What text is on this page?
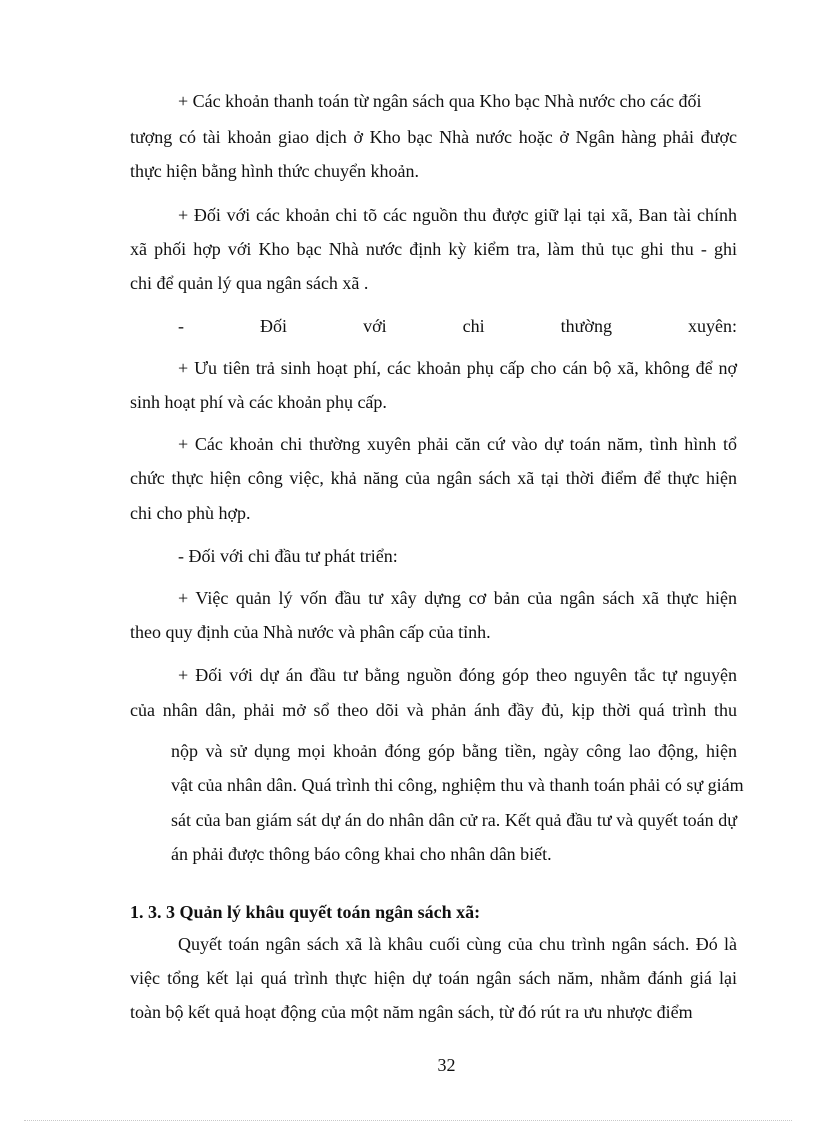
+ Các khoản thanh toán từ ngân sách qua Kho bạc Nhà nước cho các đối

tượng có tài khoản giao dịch ở Kho bạc Nhà nước hoặc ở Ngân hàng phải được

thực hiện bằng hình thức chuyển khoản.

+ Đối với các khoản chi tõ các nguồn thu được giữ lại tại xã, Ban tài chính

xã phối hợp với Kho bạc Nhà nước định kỳ kiểm tra, làm thủ tục ghi thu - ghi

chi để quản lý qua ngân sách xã .

- Đối với chi thường xuyên:

+ Ưu tiên trả sinh hoạt phí, các khoản phụ cấp cho cán bộ xã, không để nợ

sinh hoạt phí và các khoản phụ cấp.

+ Các khoản chi thường xuyên phải căn cứ vào dự toán năm, tình hình tổ

chức thực hiện công việc, khả năng của ngân sách xã tại thời điểm để thực hiện

chi cho phù hợp.

- Đối với chi đầu tư phát triển:

+ Việc quản lý vốn đầu tư xây dựng cơ bản của ngân sách xã thực hiện

theo quy định của Nhà nước và phân cấp của tỉnh.

+ Đối với dự án đầu tư bằng nguồn đóng góp theo nguyên tắc tự nguyện

của nhân dân, phải mở sổ theo dõi và phản ánh đầy đủ, kịp thời quá trình thu

nộp và sử dụng mọi khoản đóng góp bằng tiền, ngày công lao động, hiện

vật của nhân dân. Quá trình thi công, nghiệm thu và thanh toán phải có sự giám

sát của ban giám sát dự án do nhân dân cử ra. Kết quả đầu tư và quyết toán dự

án phải được thông báo công khai cho nhân dân biết.

1. 3. 3 Quản lý khâu quyết toán ngân sách xã:

Quyết toán ngân sách xã là khâu cuối cùng của chu trình ngân sách. Đó là

việc tổng kết lại quá trình thực hiện dự toán ngân sách năm, nhằm đánh giá lại

toàn bộ kết quả hoạt động của một năm ngân sách, từ đó rút ra ưu nhược điểm

32
